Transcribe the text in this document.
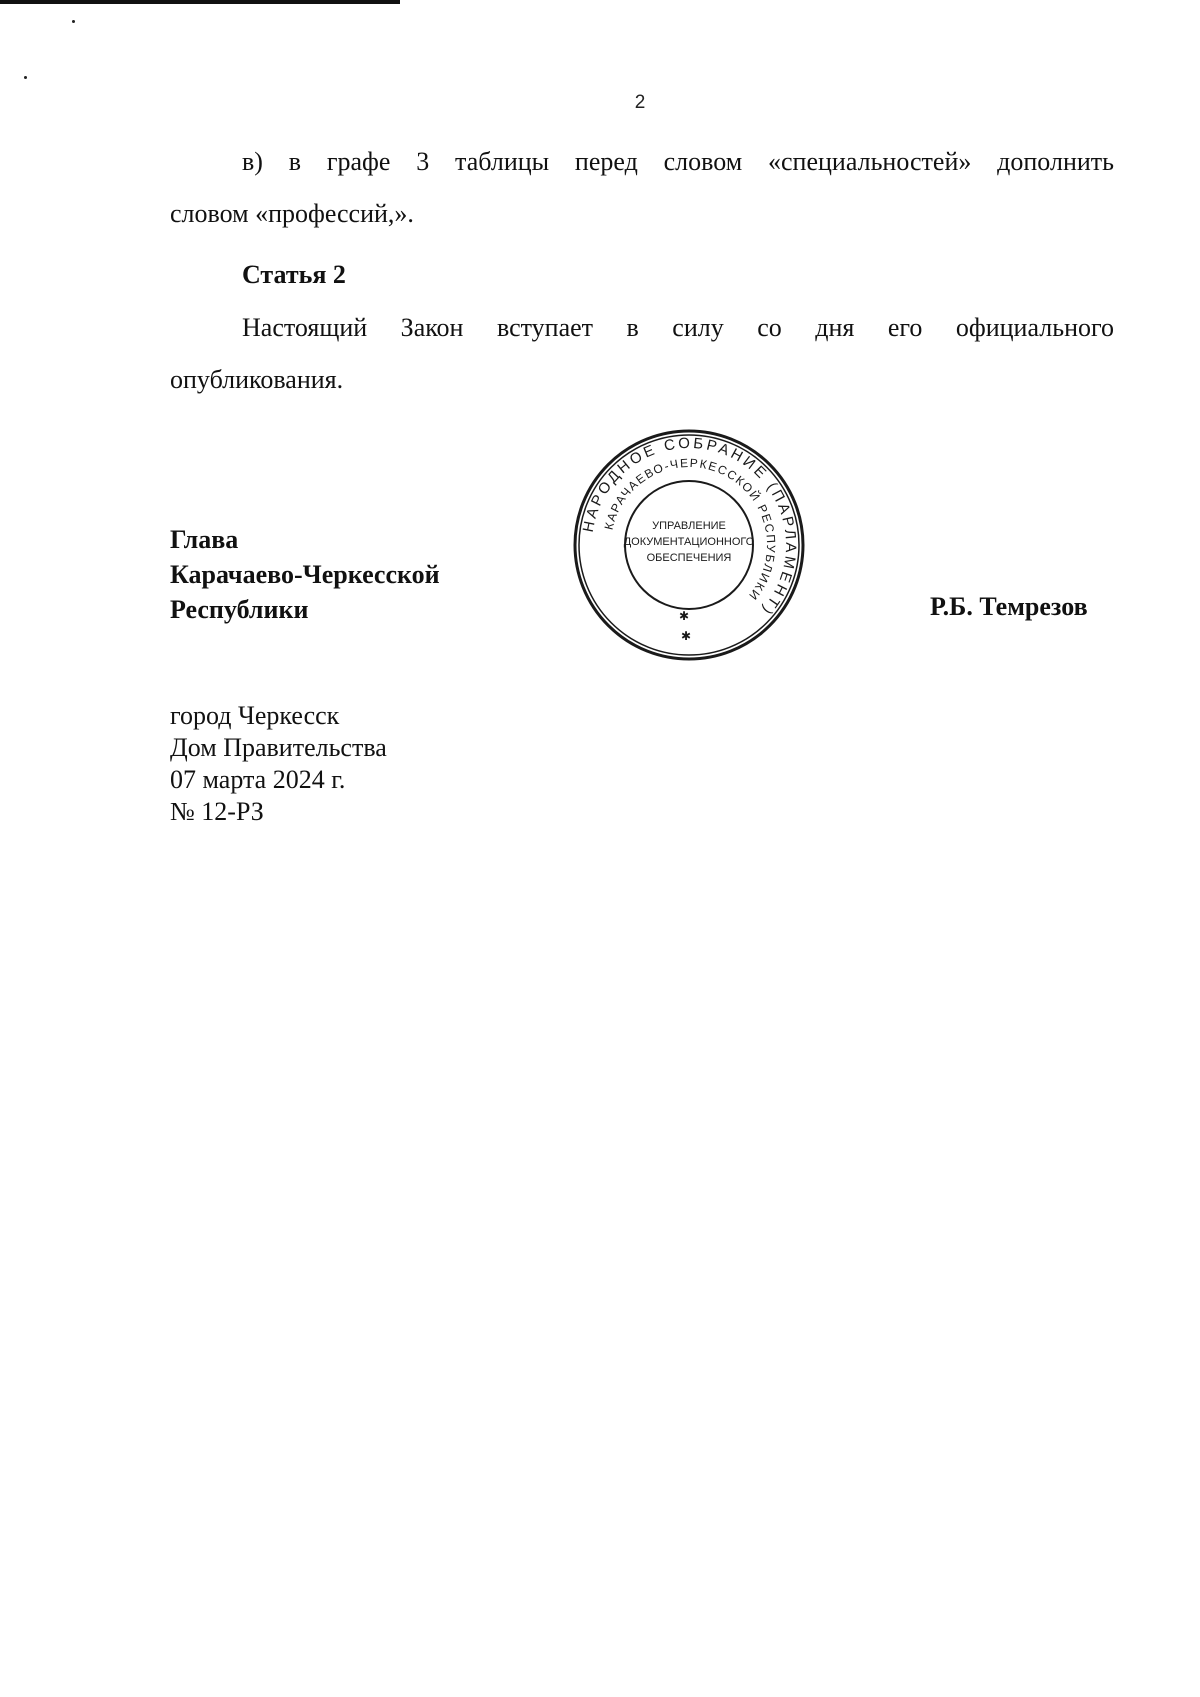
2
в) в графе 3 таблицы перед словом «специальностей» дополнить
словом «профессий,».
Статья 2
Настоящий Закон вступает в силу со дня его официального
опубликования.
Глава
Карачаево-Черкесской
Республики
НАРОДНОЕ СОБРАНИЕ (ПАРЛАМЕНТ)
КАРАЧАЕВО-ЧЕРКЕССКОЙ РЕСПУБЛИКИ
УПРАВЛЕНИЕ
ДОКУМЕНТАЦИОННОГО
ОБЕСПЕЧЕНИЯ
✱
✱
Р.Б. Темрезов
город Черкесск
Дом Правительства
07 марта 2024 г.
№ 12-РЗ
